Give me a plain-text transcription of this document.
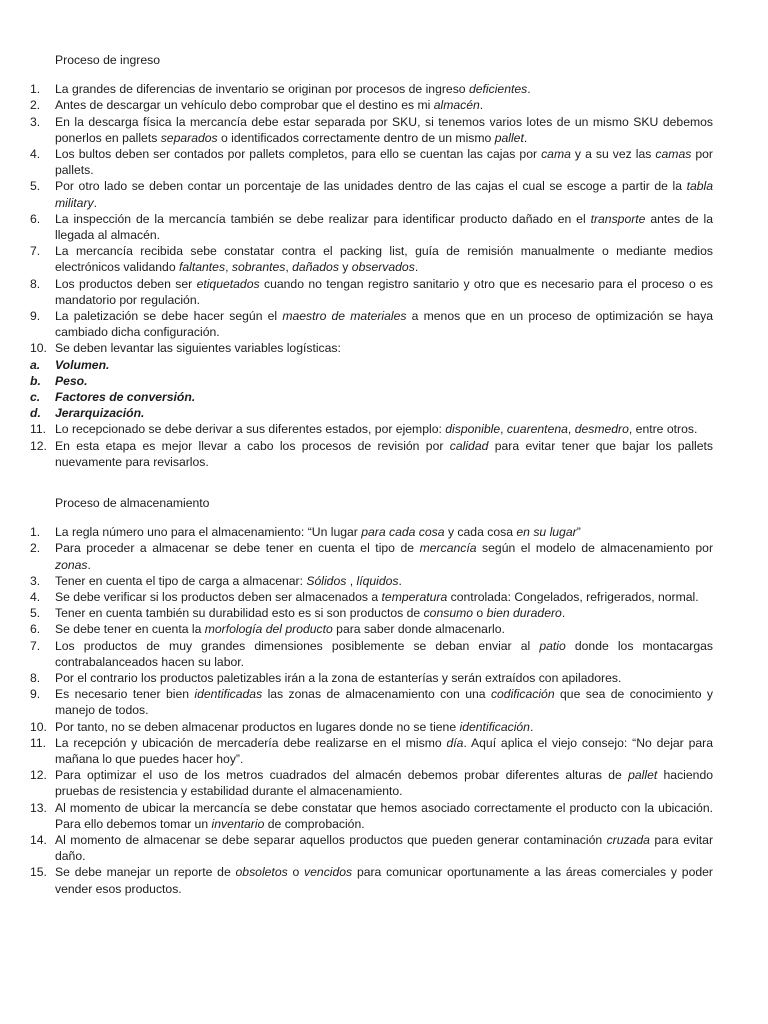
Proceso de ingreso
1.	La grandes de diferencias de inventario se originan por procesos de ingreso deficientes.
2.	Antes de descargar un vehículo debo comprobar que el destino es mi almacén.
3.	En la descarga física la mercancía debe estar separada por SKU, si tenemos varios lotes de un mismo SKU debemos ponerlos en pallets separados o identificados correctamente dentro de un mismo pallet.
4.	Los bultos deben ser contados por pallets completos, para ello se cuentan las cajas por cama y a su vez las camas por pallets.
5.	Por otro lado se deben contar un porcentaje de las unidades dentro de las cajas el cual se escoge a partir de la tabla military.
6.	La inspección de la mercancía también se debe realizar para identificar producto dañado en el transporte antes de la llegada al almacén.
7.	La mercancía recibida sebe constatar contra el packing list, guía de remisión manualmente o mediante medios electrónicos validando faltantes, sobrantes, dañados y observados.
8.	Los productos deben ser etiquetados cuando no tengan registro sanitario y otro que es necesario para el proceso o es mandatorio por regulación.
9.	La paletización se debe hacer según el maestro de materiales a menos que en un proceso de optimización se haya cambiado dicha configuración.
10. Se deben levantar las siguientes variables logísticas:
a.	Volumen.
b.	Peso.
c.	Factores de conversión.
d.	Jerarquización.
11. Lo recepcionado se debe derivar a sus diferentes estados, por ejemplo: disponible, cuarentena, desmedro, entre otros.
12. En esta etapa es mejor llevar a cabo los procesos de revisión por calidad para evitar tener que bajar los pallets nuevamente para revisarlos.
Proceso de almacenamiento
1.	La regla número uno para el almacenamiento: “Un lugar para cada cosa y cada cosa en su lugar”
2.	Para proceder a almacenar se debe tener en cuenta el tipo de mercancía según el modelo de almacenamiento por zonas.
3.	Tener en cuenta el tipo de carga a almacenar: Sólidos , líquidos.
4.	Se debe verificar si los productos deben ser almacenados a temperatura controlada: Congelados, refrigerados, normal.
5.	Tener en cuenta también su durabilidad esto es si son productos de consumo o bien duradero.
6.	Se debe tener en cuenta la morfología del producto para saber donde almacenarlo.
7.	Los productos de muy grandes dimensiones posiblemente se deban enviar al patio donde los montacargas contrabalanceados hacen su labor.
8.	Por el contrario los productos paletizables irán a la zona de estanterías y serán extraídos con apiladores.
9.	Es necesario tener bien identificadas las zonas de almacenamiento con una codificación que sea de conocimiento y manejo de todos.
10. Por tanto, no se deben almacenar productos en lugares donde no se tiene identificación.
11. La recepción y ubicación de mercadería debe realizarse en el mismo día. Aquí aplica el viejo consejo: “No dejar para mañana lo que puedes hacer hoy”.
12. Para optimizar el uso de los metros cuadrados del almacén debemos probar diferentes alturas de pallet haciendo pruebas de resistencia y estabilidad durante el almacenamiento.
13. Al momento de ubicar la mercancía se debe constatar que hemos asociado correctamente el producto con la ubicación. Para ello debemos tomar un inventario de comprobación.
14. Al momento de almacenar se debe separar aquellos productos que pueden generar contaminación cruzada para evitar daño.
15. Se debe manejar un reporte de obsoletos o vencidos para comunicar oportunamente a las áreas comerciales y poder vender esos productos.
